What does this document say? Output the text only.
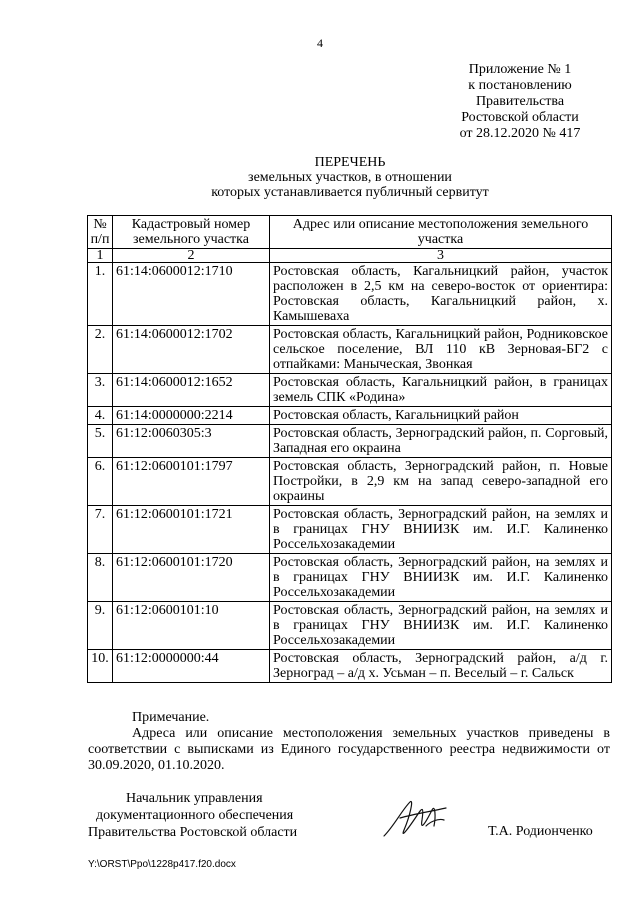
4
Приложение № 1
к постановлению
Правительства
Ростовской области
от 28.12.2020 № 417
ПЕРЕЧЕНЬ
земельных участков, в отношении
которых устанавливается публичный сервитут
№ п/п	Кадастровый номер земельного участка	Адрес или описание местоположения земельного участка
1	2	3
1.	61:14:0600012:1710	Ростовская область, Кагальницкий район, участок расположен в 2,5 км на северо-восток от ориентира: Ростовская область, Кагальницкий район, х. Камышеваха
2.	61:14:0600012:1702	Ростовская область, Кагальницкий район, Родниковское сельское поселение, ВЛ 110 кВ Зерновая-БГ2 с отпайками: Маныческая, Звонкая
3.	61:14:0600012:1652	Ростовская область, Кагальницкий район, в границах земель СПК «Родина»
4.	61:14:0000000:2214	Ростовская область, Кагальницкий район
5.	61:12:0060305:3	Ростовская область, Зерноградский район, п. Сорговый, Западная его окраина
6.	61:12:0600101:1797	Ростовская область, Зерноградский район, п. Новые Постройки, в 2,9 км на запад северо-западной его окраины
7.	61:12:0600101:1721	Ростовская область, Зерноградский район, на землях и в границах ГНУ ВНИИЗК им. И.Г. Калиненко Россельхозакадемии
8.	61:12:0600101:1720	Ростовская область, Зерноградский район, на землях и в границах ГНУ ВНИИЗК им. И.Г. Калиненко Россельхозакадемии
9.	61:12:0600101:10	Ростовская область, Зерноградский район, на землях и в границах ГНУ ВНИИЗК им. И.Г. Калиненко Россельхозакадемии
10.	61:12:0000000:44	Ростовская область, Зерноградский район, а/д г. Зерноград – а/д х. Усьман – п. Веселый – г. Сальск
Примечание.
Адреса или описание местоположения земельных участков приведены в соответствии с выписками из Единого государственного реестра недвижимости от 30.09.2020, 01.10.2020.
Начальник управления
документационного обеспечения
Правительства Ростовской области	Т.А. Родионченко
Y:\ORST\Ppo\1228p417.f20.docx
